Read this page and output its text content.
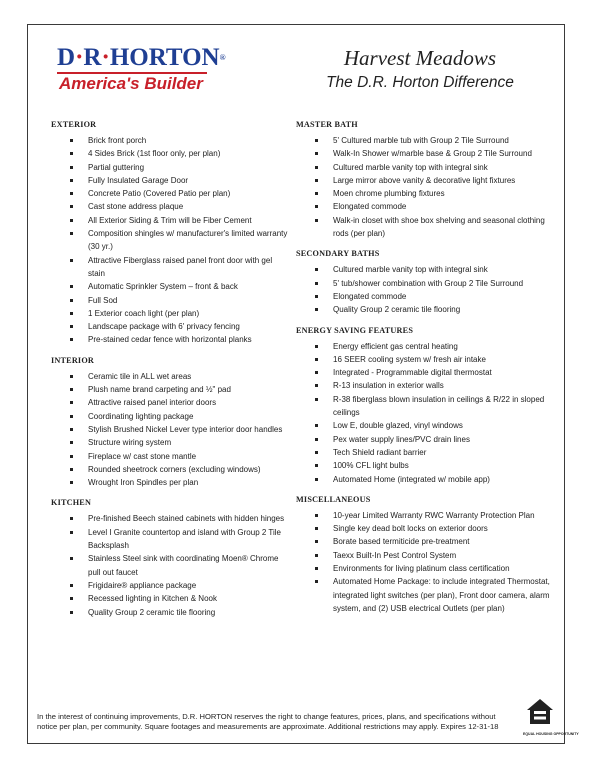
D·R·HORTON®
America's Builder
Harvest Meadows
The D.R. Horton Difference
EXTERIOR
Brick front porch
4 Sides Brick (1st floor only, per plan)
Partial guttering
Fully Insulated Garage Door
Concrete Patio (Covered Patio per plan)
Cast stone address plaque
All Exterior Siding & Trim will be Fiber Cement
Composition shingles w/ manufacturer's limited warranty (30 yr.)
Attractive Fiberglass raised panel front door with gel stain
Automatic Sprinkler System – front & back
Full Sod
1 Exterior coach light (per plan)
Landscape package with 6' privacy fencing
Pre-stained cedar fence with horizontal planks
INTERIOR
Ceramic tile in ALL wet areas
Plush name brand carpeting and ½" pad
Attractive raised panel interior doors
Coordinating lighting package
Stylish Brushed Nickel Lever type interior door handles
Structure wiring system
Fireplace w/ cast stone mantle
Rounded sheetrock corners (excluding windows)
Wrought Iron Spindles per plan
KITCHEN
Pre-finished Beech stained cabinets with hidden hinges
Level I Granite countertop and island with Group 2 Tile Backsplash
Stainless Steel sink with coordinating Moen® Chrome pull out faucet
Frigidaire® appliance package
Recessed lighting in Kitchen & Nook
Quality Group 2 ceramic tile flooring
MASTER BATH
5' Cultured marble tub with Group 2 Tile Surround
Walk-In Shower w/marble base & Group 2 Tile Surround
Cultured marble vanity top with integral sink
Large mirror above vanity & decorative light fixtures
Moen chrome plumbing fixtures
Elongated commode
Walk-in closet with shoe box shelving and seasonal clothing rods (per plan)
SECONDARY BATHS
Cultured marble vanity top with integral sink
5' tub/shower combination with Group 2 Tile Surround
Elongated commode
Quality Group 2 ceramic tile flooring
ENERGY SAVING FEATURES
Energy efficient gas central heating
16 SEER cooling system w/ fresh air intake
Integrated - Programmable digital thermostat
R-13 insulation in exterior walls
R-38 fiberglass blown insulation in ceilings & R/22 in sloped ceilings
Low E, double glazed, vinyl windows
Pex water supply lines/PVC drain lines
Tech Shield radiant barrier
100% CFL light bulbs
Automated Home (integrated w/ mobile app)
MISCELLANEOUS
10-year Limited Warranty RWC Warranty Protection Plan
Single key dead bolt locks on exterior doors
Borate based termiticide pre-treatment
Taexx Built-In Pest Control System
Environments for living platinum class certification
Automated Home Package: to include integrated Thermostat, integrated light switches (per plan), Front door camera, alarm system, and (2) USB electrical Outlets (per plan)
In the interest of continuing improvements, D.R. HORTON reserves the right to change features, prices, plans, and specifications without notice per plan, per community. Square footages and measurements are approximate. Additional restrictions may apply. Expires 12-31-18
EQUAL HOUSING OPPORTUNITY
